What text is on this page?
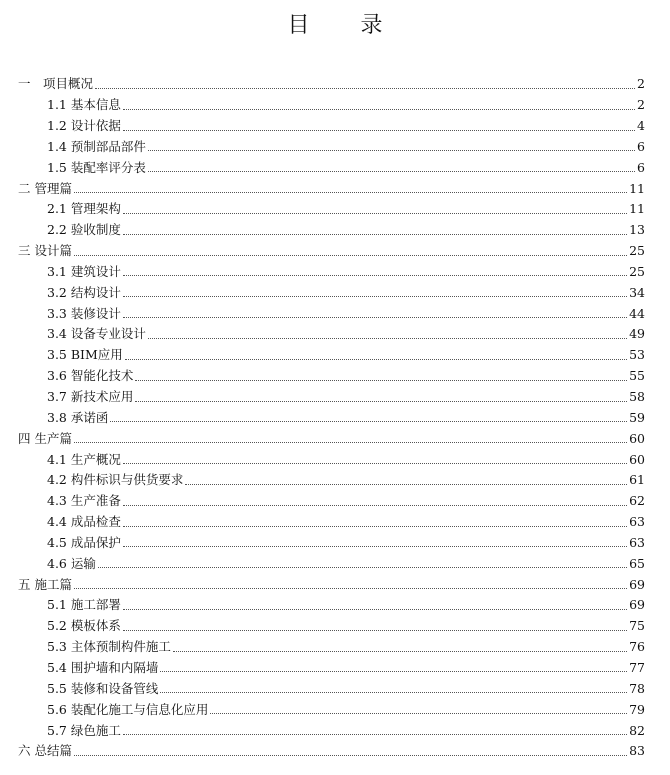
目 录
一　项目概况	2
1.1 基本信息	2
1.2 设计依据	4
1.4 预制部品部件	6
1.5 装配率评分表	6
二 管理篇	11
2.1 管理架构	11
2.2 验收制度	13
三 设计篇	25
3.1 建筑设计	25
3.2 结构设计	34
3.3 装修设计	44
3.4 设备专业设计	49
3.5 BIM应用	53
3.6 智能化技术	55
3.7 新技术应用	58
3.8 承诺函	59
四 生产篇	60
4.1 生产概况	60
4.2 构件标识与供货要求	61
4.3 生产准备	62
4.4 成品检查	63
4.5 成品保护	63
4.6 运输	65
五 施工篇	69
5.1 施工部署	69
5.2 模板体系	75
5.3 主体预制构件施工	76
5.4 围护墙和内隔墙	77
5.5 装修和设备管线	78
5.6 装配化施工与信息化应用	79
5.7 绿色施工	82
六 总结篇	83
